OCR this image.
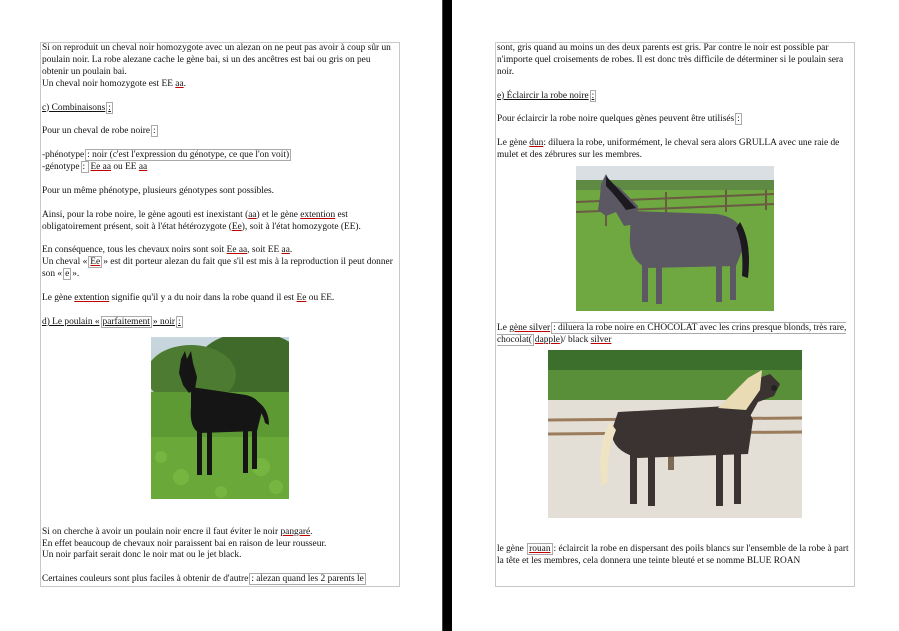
Si on reproduit un cheval noir homozygote avec un alezan on ne peut pas avoir à coup sûr un poulain noir. La robe alezane cache le gène bai, si un des ancêtres est bai ou gris on peu obtenir un poulain bai.

Un cheval noir homozygote est EE aa.

c) Combinaisons :

Pour un cheval de robe noire :

-phénotype : noir (c'est l'expression du génotype, ce que l'on voit)

-génotype : Ee aa ou EE aa

Pour un même phénotype, plusieurs génotypes sont possibles.

Ainsi, pour la robe noire, le gène agouti est inexistant (aa) et le gène extention est obligatoirement présent, soit à l'état hétérozygote (Ee), soit à l'état homozygote (EE).

En conséquence, tous les chevaux noirs sont soit Ee aa, soit EE aa.

Un cheval « Ee » est dit porteur alezan du fait que s'il est mis à la reproduction il peut donner son « e ».

Le gène extention signifie qu'il y a du noir dans la robe quand il est Ee ou EE.

d) Le poulain « parfaitement » noir :

Si on cherche à avoir un poulain noir encre il faut éviter le noir pangaré.

En effet beaucoup de chevaux noir paraissent bai en raison de leur rousseur.

Un noir parfait serait donc le noir mat ou le jet black.

Certaines couleurs sont plus faciles à obtenir de d'autre : alezan quand les 2 parents le

sont, gris quand au moins un des deux parents est gris. Par contre le noir est possible par n'importe quel croisements de robes. Il est donc très difficile de déterminer si le poulain sera noir.

e) Éclaircir la robe noire :

Pour éclaircir la robe noire quelques gènes peuvent être utilisés :

Le gène dun: diluera la robe, uniformément, le cheval sera alors GRULLA avec une raie de mulet et des zébrures sur les membres.

Le gène silver : diluera la robe noire en CHOCOLAT avec les crins presque blonds, très rare, chocolat( dapple)/ black silver

le gène rouan : éclaircit la robe en dispersant des poils blancs sur l'ensemble de la robe à part la tête et les membres, cela donnera une teinte bleuté et se nomme BLUE ROAN
